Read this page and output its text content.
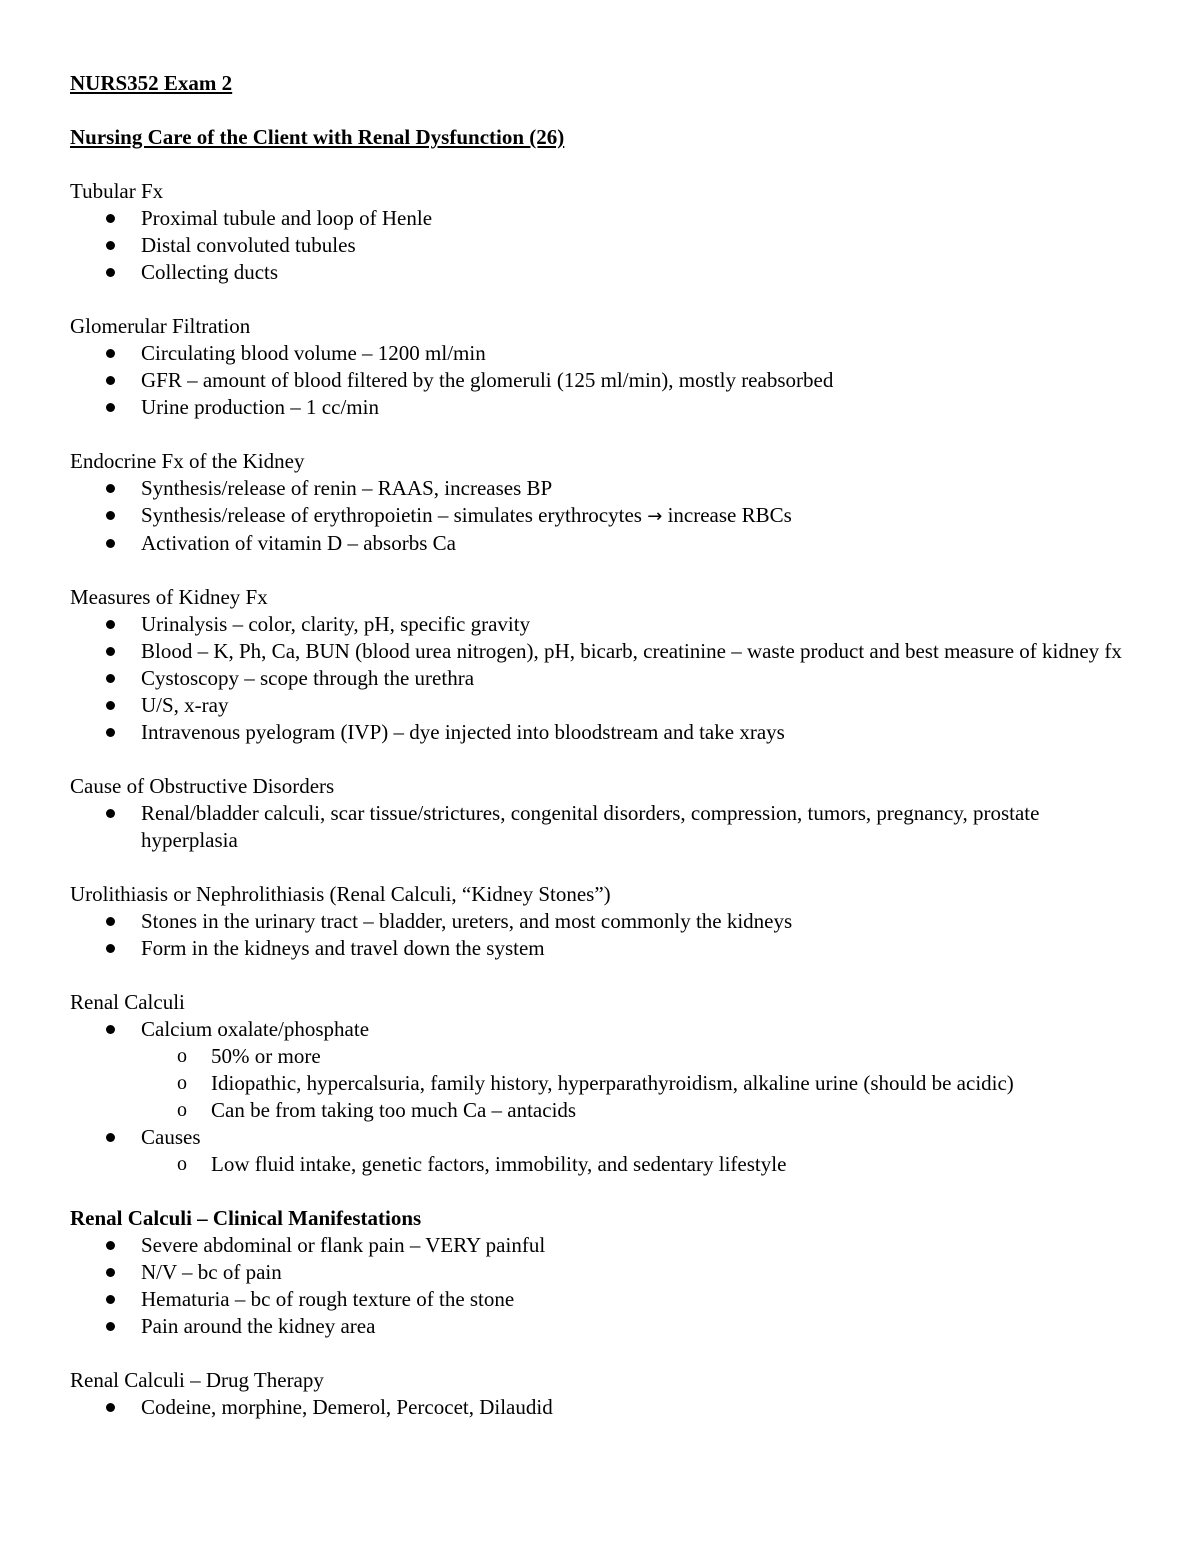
NURS352 Exam 2
Nursing Care of the Client with Renal Dysfunction (26)
Tubular Fx
Proximal tubule and loop of Henle
Distal convoluted tubules
Collecting ducts
Glomerular Filtration
Circulating blood volume – 1200 ml/min
GFR – amount of blood filtered by the glomeruli (125 ml/min), mostly reabsorbed
Urine production – 1 cc/min
Endocrine Fx of the Kidney
Synthesis/release of renin – RAAS, increases BP
Synthesis/release of erythropoietin – simulates erythrocytes → increase RBCs
Activation of vitamin D – absorbs Ca
Measures of Kidney Fx
Urinalysis – color, clarity, pH, specific gravity
Blood – K, Ph, Ca, BUN (blood urea nitrogen), pH, bicarb, creatinine – waste product and best measure of kidney fx
Cystoscopy – scope through the urethra
U/S, x-ray
Intravenous pyelogram (IVP) – dye injected into bloodstream and take xrays
Cause of Obstructive Disorders
Renal/bladder calculi, scar tissue/strictures, congenital disorders, compression, tumors, pregnancy, prostate hyperplasia
Urolithiasis or Nephrolithiasis (Renal Calculi, “Kidney Stones”)
Stones in the urinary tract – bladder, ureters, and most commonly the kidneys
Form in the kidneys and travel down the system
Renal Calculi
Calcium oxalate/phosphate
o 50% or more
o Idiopathic, hypercalsuria, family history, hyperparathyroidism, alkaline urine (should be acidic)
o Can be from taking too much Ca – antacids
Causes
o Low fluid intake, genetic factors, immobility, and sedentary lifestyle
Renal Calculi – Clinical Manifestations
Severe abdominal or flank pain – VERY painful
N/V – bc of pain
Hematuria – bc of rough texture of the stone
Pain around the kidney area
Renal Calculi – Drug Therapy
Codeine, morphine, Demerol, Percocet, Dilaudid
